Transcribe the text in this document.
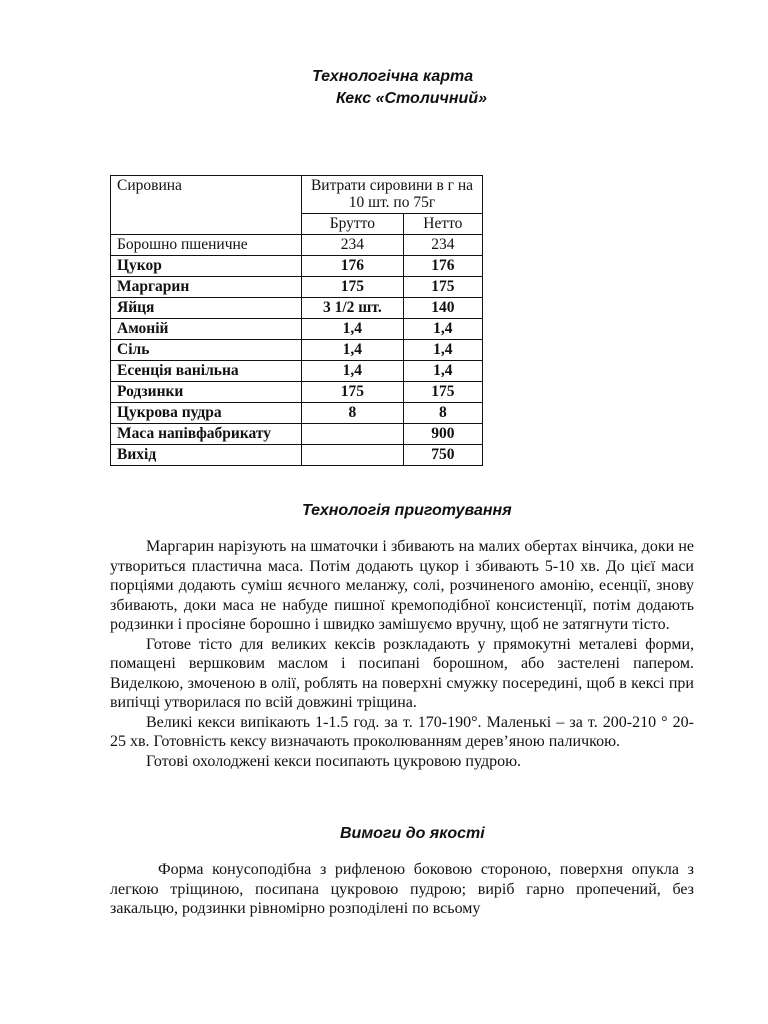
Технологічна карта
Кекс «Столичний»
Сировина	Витрати сировини в г на 10 шт. по 75г	
	Брутто	Нетто
Борошно пшеничне	234	234
Цукор	176	176
Маргарин	175	175
Яйця	3 1/2 шт.	140
Амоній	1,4	1,4
Сіль	1,4	1,4
Есенція ванільна	1,4	1,4
Родзинки	175	175
Цукрова пудра	8	8
Маса напівфабрикату		900
Вихід		750
Технологія приготування

Маргарин нарізують на шматочки і збивають на малих обертах вінчика, доки не утвориться пластична маса. Потім додають цукор і збивають 5-10 хв. До цієї маси порціями додають суміш яєчного меланжу, солі, розчиненого амонію, есенції, знову збивають, доки маса не набуде пишної кремоподібної консистенції, потім додають родзинки і просіяне борошно і швидко замішуємо вручну, щоб не затягнути тісто.

Готове тісто для великих кексів розкладають у прямокутні металеві форми, помащені вершковим маслом і посипані борошном, або застелені папером. Виделкою, змоченою в олії, роблять на поверхні смужку посередині, щоб в кексі при випічці утворилася по всій довжині тріщина.

Великі кекси випікають 1-1.5 год. за т. 170-190°. Маленькі – за т. 200-210 ° 20-25 хв. Готовність кексу визначають проколюванням дерев’яною паличкою.

Готові охолоджені кекси посипають цукровою пудрою.

Вимоги до якості

Форма конусоподібна з рифленою боковою стороною, поверхня опукла з легкою тріщиною, посипана цукровою пудрою; виріб гарно пропечений, без закальцю, родзинки рівномірно розподілені по всьому
